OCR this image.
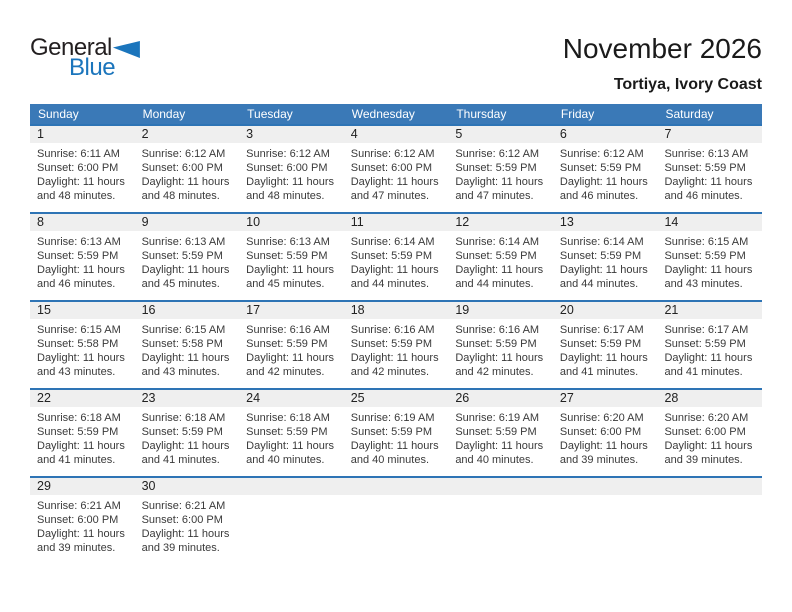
General
Blue
November 2026
Tortiya, Ivory Coast
Sunday	Monday	Tuesday	Wednesday	Thursday	Friday	Saturday
1	2	3	4	5	6	7
Sunrise: 6:11 AM
Sunset: 6:00 PM
Daylight: 11 hours
and 48 minutes.
Sunrise: 6:12 AM
Sunset: 6:00 PM
Daylight: 11 hours
and 48 minutes.
Sunrise: 6:12 AM
Sunset: 6:00 PM
Daylight: 11 hours
and 48 minutes.
Sunrise: 6:12 AM
Sunset: 6:00 PM
Daylight: 11 hours
and 47 minutes.
Sunrise: 6:12 AM
Sunset: 5:59 PM
Daylight: 11 hours
and 47 minutes.
Sunrise: 6:12 AM
Sunset: 5:59 PM
Daylight: 11 hours
and 46 minutes.
Sunrise: 6:13 AM
Sunset: 5:59 PM
Daylight: 11 hours
and 46 minutes.
8	9	10	11	12	13	14
Sunrise: 6:13 AM
Sunset: 5:59 PM
Daylight: 11 hours
and 46 minutes.
Sunrise: 6:13 AM
Sunset: 5:59 PM
Daylight: 11 hours
and 45 minutes.
Sunrise: 6:13 AM
Sunset: 5:59 PM
Daylight: 11 hours
and 45 minutes.
Sunrise: 6:14 AM
Sunset: 5:59 PM
Daylight: 11 hours
and 44 minutes.
Sunrise: 6:14 AM
Sunset: 5:59 PM
Daylight: 11 hours
and 44 minutes.
Sunrise: 6:14 AM
Sunset: 5:59 PM
Daylight: 11 hours
and 44 minutes.
Sunrise: 6:15 AM
Sunset: 5:59 PM
Daylight: 11 hours
and 43 minutes.
15	16	17	18	19	20	21
Sunrise: 6:15 AM
Sunset: 5:58 PM
Daylight: 11 hours
and 43 minutes.
Sunrise: 6:15 AM
Sunset: 5:58 PM
Daylight: 11 hours
and 43 minutes.
Sunrise: 6:16 AM
Sunset: 5:59 PM
Daylight: 11 hours
and 42 minutes.
Sunrise: 6:16 AM
Sunset: 5:59 PM
Daylight: 11 hours
and 42 minutes.
Sunrise: 6:16 AM
Sunset: 5:59 PM
Daylight: 11 hours
and 42 minutes.
Sunrise: 6:17 AM
Sunset: 5:59 PM
Daylight: 11 hours
and 41 minutes.
Sunrise: 6:17 AM
Sunset: 5:59 PM
Daylight: 11 hours
and 41 minutes.
22	23	24	25	26	27	28
Sunrise: 6:18 AM
Sunset: 5:59 PM
Daylight: 11 hours
and 41 minutes.
Sunrise: 6:18 AM
Sunset: 5:59 PM
Daylight: 11 hours
and 41 minutes.
Sunrise: 6:18 AM
Sunset: 5:59 PM
Daylight: 11 hours
and 40 minutes.
Sunrise: 6:19 AM
Sunset: 5:59 PM
Daylight: 11 hours
and 40 minutes.
Sunrise: 6:19 AM
Sunset: 5:59 PM
Daylight: 11 hours
and 40 minutes.
Sunrise: 6:20 AM
Sunset: 6:00 PM
Daylight: 11 hours
and 39 minutes.
Sunrise: 6:20 AM
Sunset: 6:00 PM
Daylight: 11 hours
and 39 minutes.
29	30
Sunrise: 6:21 AM
Sunset: 6:00 PM
Daylight: 11 hours
and 39 minutes.
Sunrise: 6:21 AM
Sunset: 6:00 PM
Daylight: 11 hours
and 39 minutes.
